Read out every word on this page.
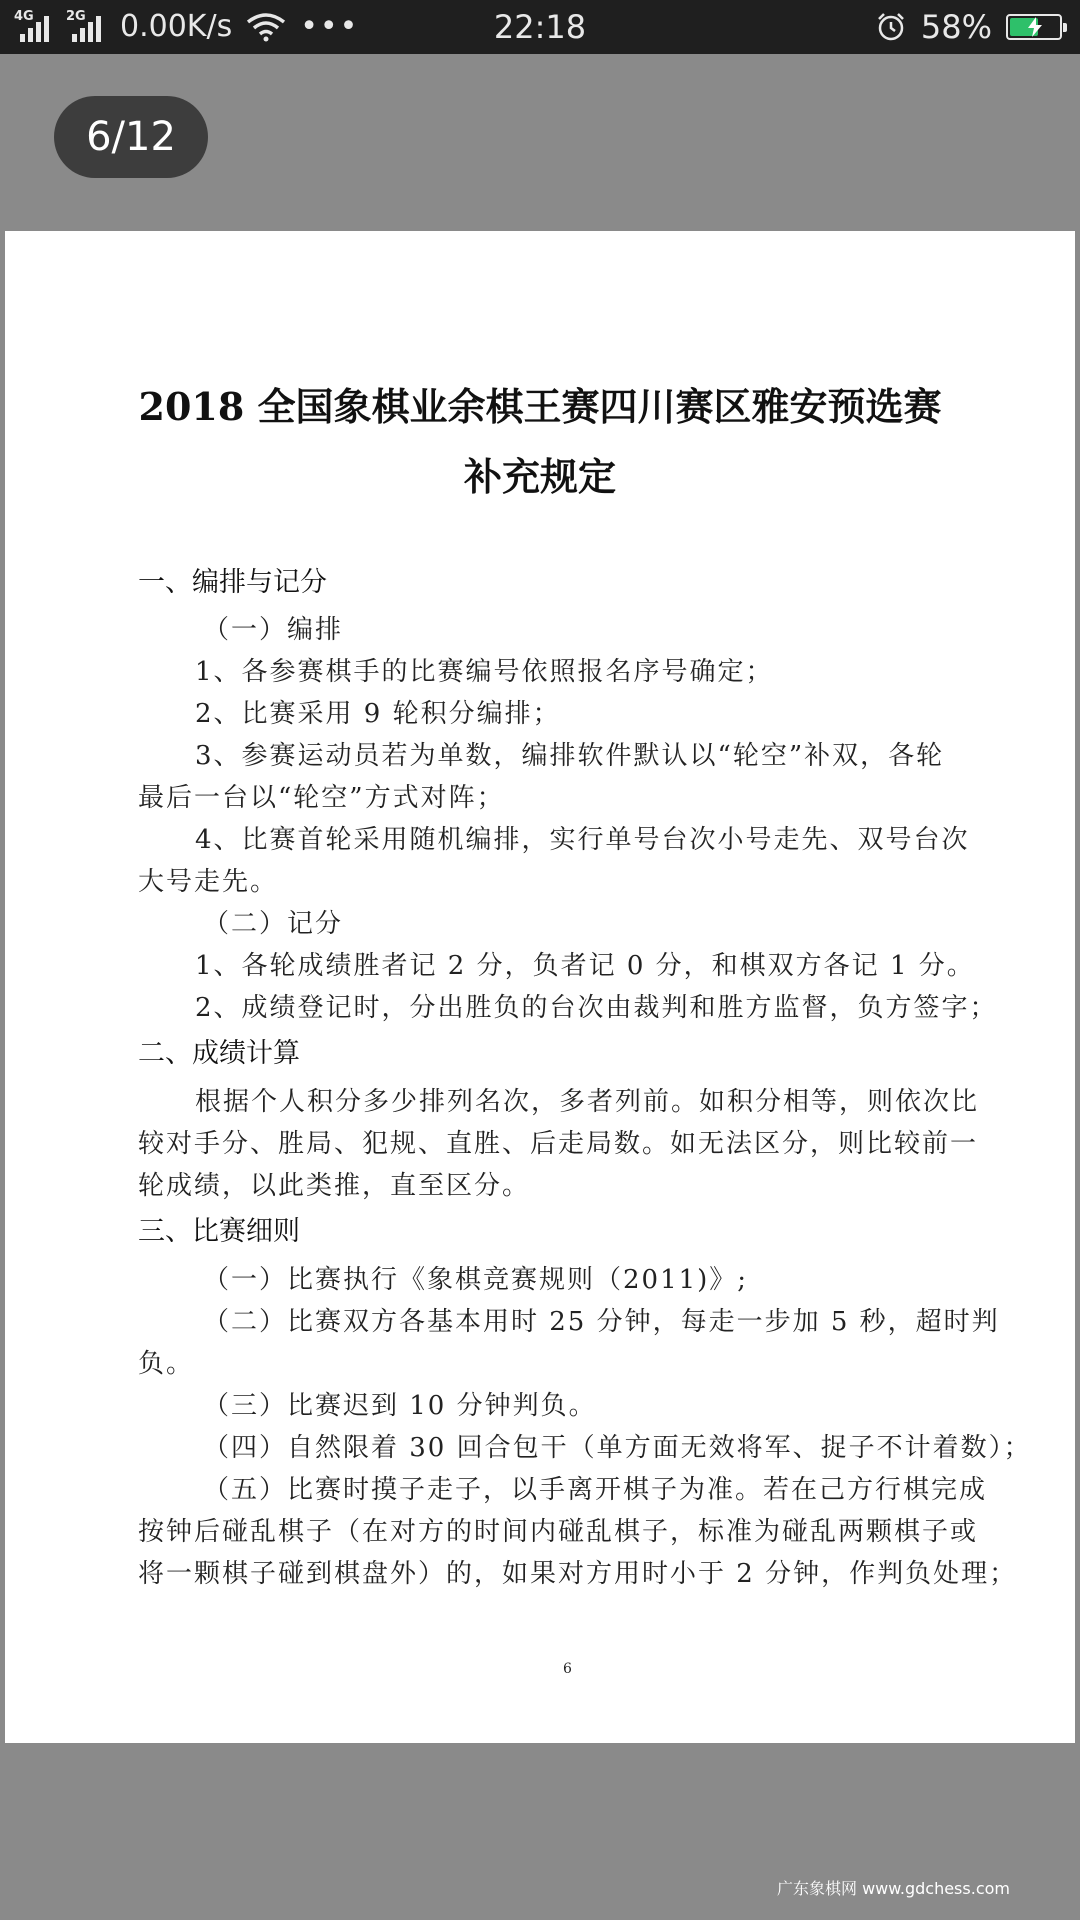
4G 2G 0.00K/s •••	22:18	58%
6/12
2018 全国象棋业余棋王赛四川赛区雅安预选赛
补充规定
一、编排与记分
（一）编排
1、各参赛棋手的比赛编号依照报名序号确定；
2、比赛采用 9 轮积分编排；
3、参赛运动员若为单数，编排软件默认以“轮空”补双，各轮
最后一台以“轮空”方式对阵；
4、比赛首轮采用随机编排，实行单号台次小号走先、双号台次
大号走先。
（二）记分
1、各轮成绩胜者记 2 分，负者记 0 分，和棋双方各记 1 分。
2、成绩登记时，分出胜负的台次由裁判和胜方监督，负方签字；
二、成绩计算
根据个人积分多少排列名次，多者列前。如积分相等，则依次比
较对手分、胜局、犯规、直胜、后走局数。如无法区分，则比较前一
轮成绩，以此类推，直至区分。
三、比赛细则
（一）比赛执行《象棋竞赛规则（2011)》;
（二）比赛双方各基本用时 25 分钟，每走一步加 5 秒，超时判
负。
（三）比赛迟到 10 分钟判负。
（四）自然限着 30 回合包干（单方面无效将军、捉子不计着数）；
（五）比赛时摸子走子，以手离开棋子为准。若在己方行棋完成
按钟后碰乱棋子（在对方的时间内碰乱棋子，标准为碰乱两颗棋子或
将一颗棋子碰到棋盘外）的，如果对方用时小于 2 分钟，作判负处理；
6
广东象棋网 www.gdchess.com
